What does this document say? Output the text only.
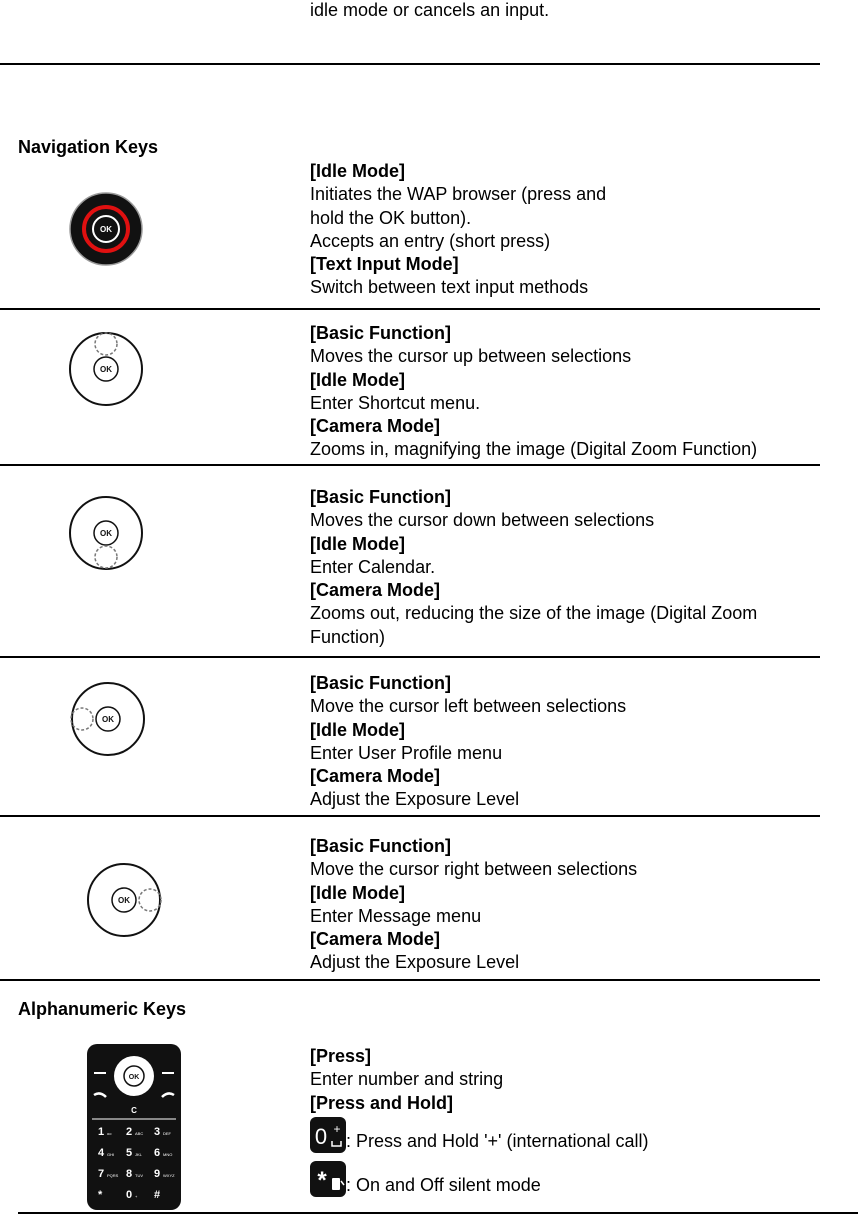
idle mode or cancels an input.
Navigation Keys
OK
[Idle Mode]
Initiates the WAP browser (press and
hold the OK button).
Accepts an entry (short press)
[Text Input Mode]
Switch between text input methods
OK
[Basic Function]
Moves the cursor up between selections
[Idle Mode]
Enter Shortcut menu.
[Camera Mode]
Zooms in, magnifying the image (Digital Zoom Function)
OK
[Basic Function]
Moves the cursor down between selections
[Idle Mode]
Enter Calendar.
[Camera Mode]
Zooms out, reducing the size of the image (Digital Zoom
Function)
OK
[Basic Function]
Move the cursor left between selections
[Idle Mode]
Enter User Profile menu
[Camera Mode]
Adjust the Exposure Level
OK
[Basic Function]
Move the cursor right between selections
[Idle Mode]
Enter Message menu
[Camera Mode]
Adjust the Exposure Level
Alphanumeric Keys
OK
C
1 oo 2 ABC 3 DEF
4 GHI 5 JKL 6 MNO
7 PQRS 8 TUV 9 WXYZ
* 0 + #
[Press]
Enter number and string
[Press and Hold]
0 +
: Press and Hold '+' (international call)
* : On and Off silent mode
